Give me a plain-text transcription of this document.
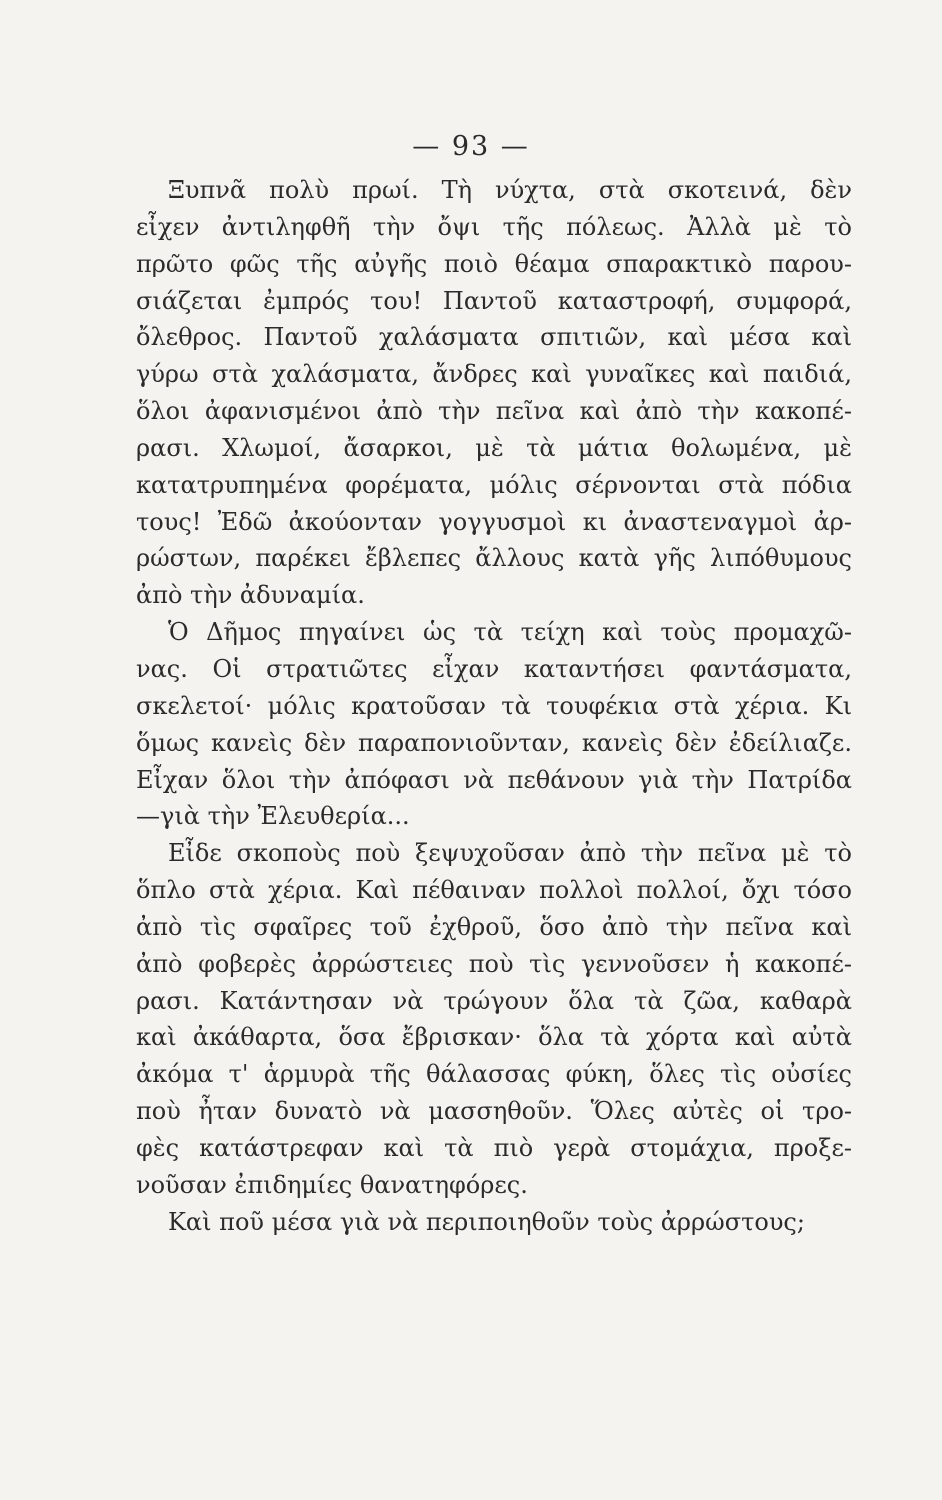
— 93 —
Ξυπνᾶ πολὺ πρωί. Τὴ νύχτα, στὰ σκοτεινά, δὲν
εἶχεν ἀντιληφθῆ τὴν ὄψι τῆς πόλεως. Ἀλλὰ μὲ τὸ
πρῶτο φῶς τῆς αὐγῆς ποιὸ θέαμα σπαρακτικὸ παρου-
σιάζεται ἐμπρός του! Παντοῦ καταστροφή, συμφορά,
ὄλεθρος. Παντοῦ χαλάσματα σπιτιῶν, καὶ μέσα καὶ
γύρω στὰ χαλάσματα, ἄνδρες καὶ γυναῖκες καὶ παιδιά,
ὅλοι ἀφανισμένοι ἀπὸ τὴν πεῖνα καὶ ἀπὸ τὴν κακοπέ-
ρασι. Χλωμοί, ἄσαρκοι, μὲ τὰ μάτια θολωμένα, μὲ
κατατρυπημένα φορέματα, μόλις σέρνονται στὰ πόδια
τους! Ἐδῶ ἀκούονταν γογγυσμοὶ κι ἀναστεναγμοὶ ἀρ-
ρώστων, παρέκει ἔβλεπες ἄλλους κατὰ γῆς λιπόθυμους
ἀπὸ τὴν ἀδυναμία.
Ὁ Δῆμος πηγαίνει ὡς τὰ τείχη καὶ τοὺς προμαχῶ-
νας. Οἱ στρατιῶτες εἶχαν καταντήσει φαντάσματα,
σκελετοί· μόλις κρατοῦσαν τὰ τουφέκια στὰ χέρια. Κι
ὅμως κανεὶς δὲν παραπονιοῦνταν, κανεὶς δὲν ἐδείλιαζε.
Εἶχαν ὅλοι τὴν ἀπόφασι νὰ πεθάνουν γιὰ τὴν Πατρίδα
—γιὰ τὴν Ἐλευθερία...
Εἶδε σκοποὺς ποὺ ξεψυχοῦσαν ἀπὸ τὴν πεῖνα μὲ τὸ
ὅπλο στὰ χέρια. Καὶ πέθαιναν πολλοὶ πολλοί, ὄχι τόσο
ἀπὸ τὶς σφαῖρες τοῦ ἐχθροῦ, ὅσο ἀπὸ τὴν πεῖνα καὶ
ἀπὸ φοβερὲς ἀρρώστειες ποὺ τὶς γεννοῦσεν ἡ κακοπέ-
ρασι. Κατάντησαν νὰ τρώγουν ὅλα τὰ ζῶα, καθαρὰ
καὶ ἀκάθαρτα, ὅσα ἔβρισκαν· ὅλα τὰ χόρτα καὶ αὐτὰ
ἀκόμα τ' ἁρμυρὰ τῆς θάλασσας φύκη, ὅλες τὶς οὐσίες
ποὺ ἦταν δυνατὸ νὰ μασσηθοῦν. Ὅλες αὐτὲς οἱ τρο-
φὲς κατάστρεφαν καὶ τὰ πιὸ γερὰ στομάχια, προξε-
νοῦσαν ἐπιδημίες θανατηφόρες.
Καὶ ποῦ μέσα γιὰ νὰ περιποιηθοῦν τοὺς ἀρρώστους;
